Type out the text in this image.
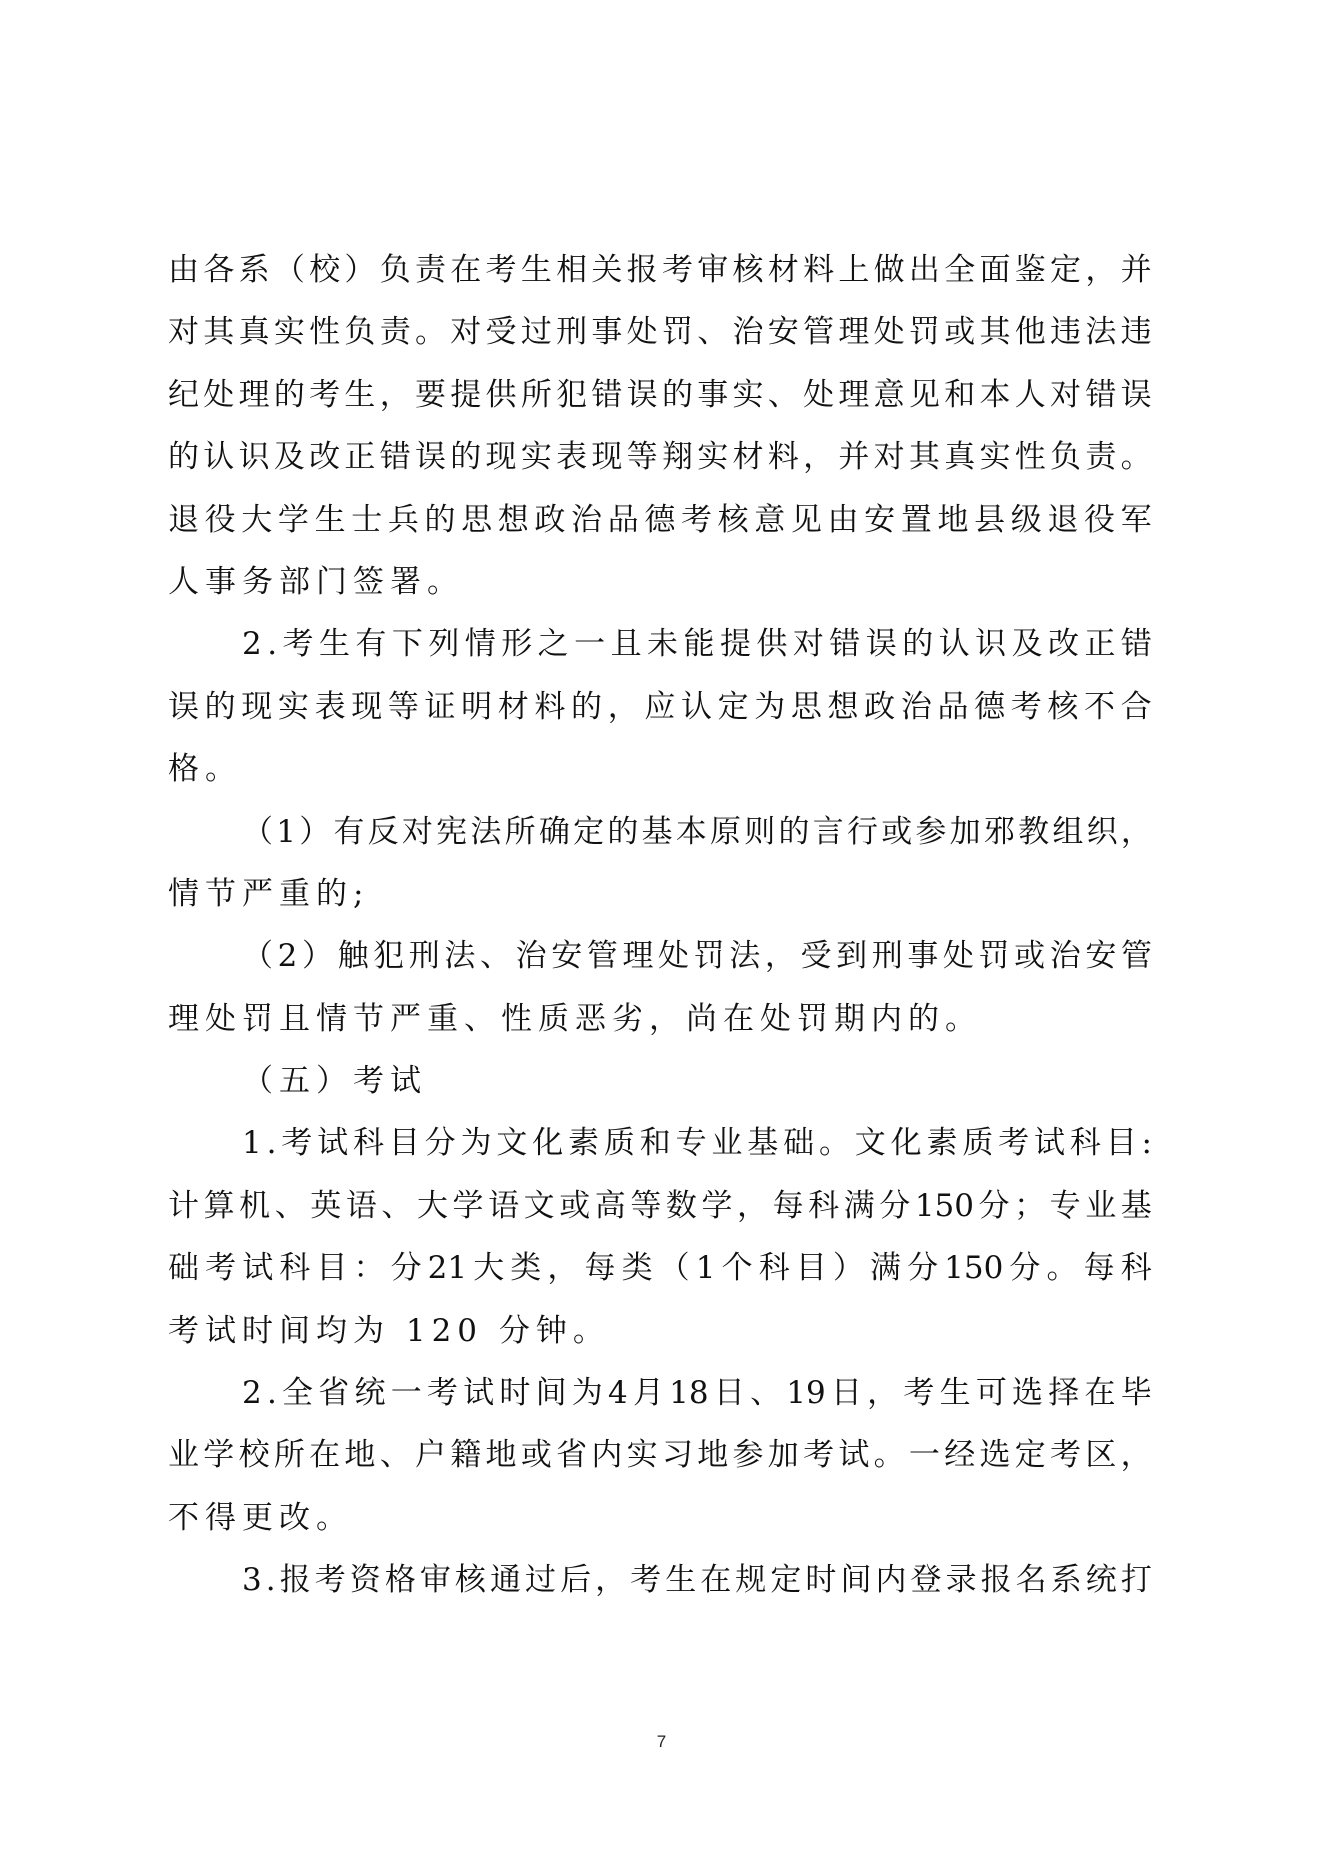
由 各 系 （ 校 ） 负 责 在 考 生 相 关 报 考 审 核 材 料 上 做 出 全 面 鉴 定 ， 并
对 其 真 实 性 负 责 。 对 受 过 刑 事 处 罚 、 治 安 管 理 处 罚 或 其 他 违 法 违
纪 处 理 的 考 生 ， 要 提 供 所 犯 错 误 的 事 实 、 处 理 意 见 和 本 人 对 错 误
的 认 识 及 改 正 错 误 的 现 实 表 现 等 翔 实 材 料 ， 并 对 其 真 实 性 负 责 。
退 役 大 学 生 士 兵 的 思 想 政 治 品 德 考 核 意 见 由 安 置 地 县 级 退 役 军
人事务部门签署。
2 . 考 生 有 下 列 情 形 之 一 且 未 能 提 供 对 错 误 的 认 识 及 改 正 错
误 的 现 实 表 现 等 证 明 材 料 的 ， 应 认 定 为 思 想 政 治 品 德 考 核 不 合
格。
（ 1 ） 有 反 对 宪 法 所 确 定 的 基 本 原 则 的 言 行 或 参 加 邪 教 组 织 ，
情节严重的;
（ 2 ） 触 犯 刑 法 、 治 安 管 理 处 罚 法 ， 受 到 刑 事 处 罚 或 治 安 管
理处罚且情节严重、性质恶劣，尚在处罚期内的。
（五）考试
1 . 考 试 科 目 分 为 文 化 素 质 和 专 业 基 础 。 文 化 素 质 考 试 科 目 :
计 算 机 、 英 语 、 大 学 语 文 或 高 等 数 学 ， 每 科 满 分 150 分 ； 专 业 基
础 考 试 科 目 ： 分 21 大 类 ， 每 类 （ 1 个 科 目 ） 满 分 150 分 。 每 科
考试时间均为 120 分钟。
2 . 全 省 统 一 考 试 时 间 为 4 月 18 日 、 19 日 ， 考 生 可 选 择 在 毕
业 学 校 所 在 地 、 户 籍 地 或 省 内 实 习 地 参 加 考 试 。 一 经 选 定 考 区 ，
不得更改。
3 . 报 考 资 格 审 核 通 过 后 ， 考 生 在 规 定 时 间 内 登 录 报 名 系 统 打
7
